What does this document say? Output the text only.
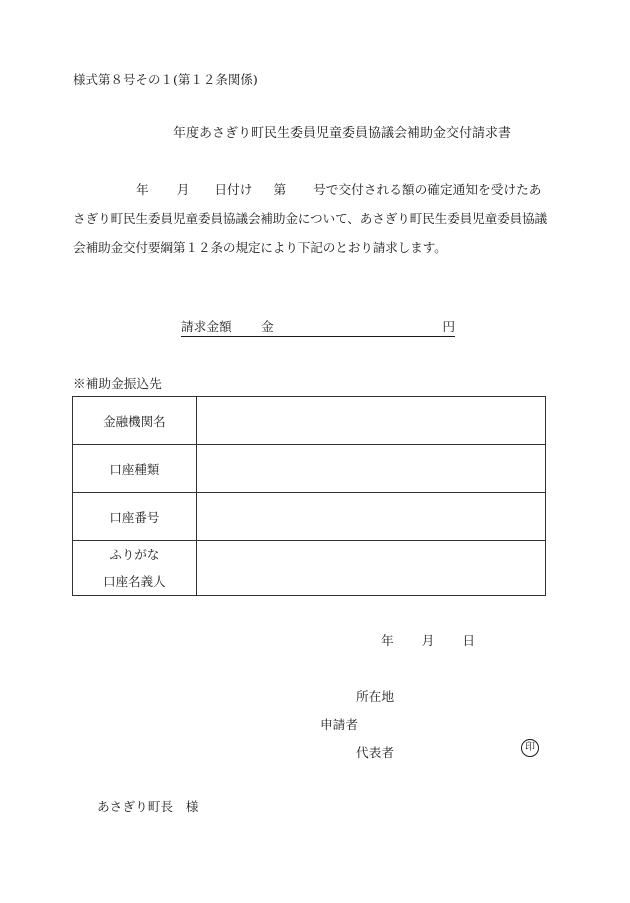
様式第８号その１(第１２条関係)
年度あさぎり町民生委員児童委員協議会補助金交付請求書
年 月 日付け 第 号で交付される額の確定通知を受けたあ
さぎり町民生委員児童委員協議会補助金について、あさぎり町民生委員児童委員協議
会補助金交付要綱第１２条の規定により下記のとおり請求します。
請求金額 金	円
※補助金振込先
金融機関名	
口座種類	
口座番号	

ふりがな
口座名義人	

年 月 日
所在地
申請者
代表者	印
あさぎり町長　様
